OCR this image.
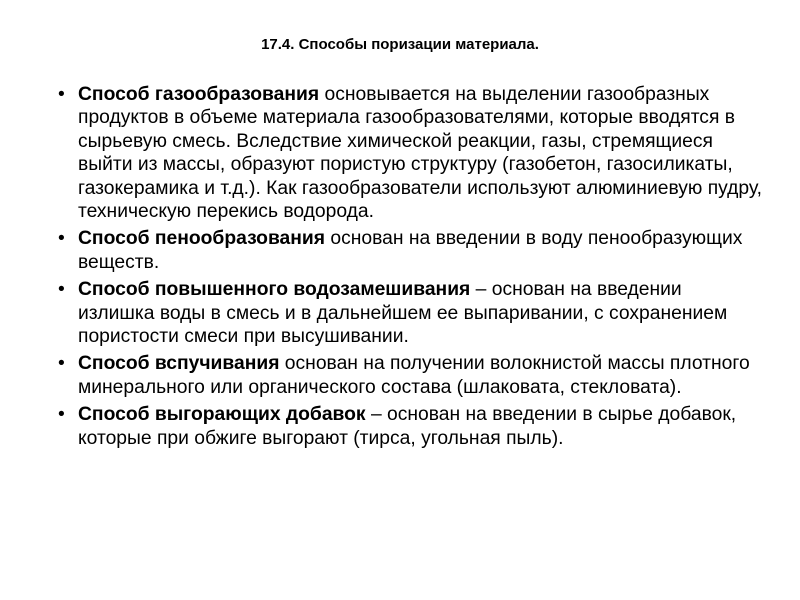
17.4. Способы поризации материала.
• Способ газообразования основывается на выделении газообразных продуктов в объеме материала газообразователями, которые вводятся в сырьевую смесь. Вследствие химической реакции, газы, стремящиеся выйти из массы, образуют пористую структуру (газобетон, газосиликаты, газокерамика и т.д.). Как газообразователи используют алюминиевую пудру, техническую перекись водорода.
• Способ пенообразования основан на введении в воду пенообразующих веществ.
• Способ повышенного водозамешивания – основан на введении излишка воды в смесь и в дальнейшем ее выпаривании, с сохранением пористости смеси при высушивании.
• Способ вспучивания основан на получении волокнистой массы плотного минерального или органического состава (шлаковата, стекловата).
• Способ выгорающих добавок – основан на введении в сырье добавок, которые при обжиге выгорают (тирса, угольная пыль).
